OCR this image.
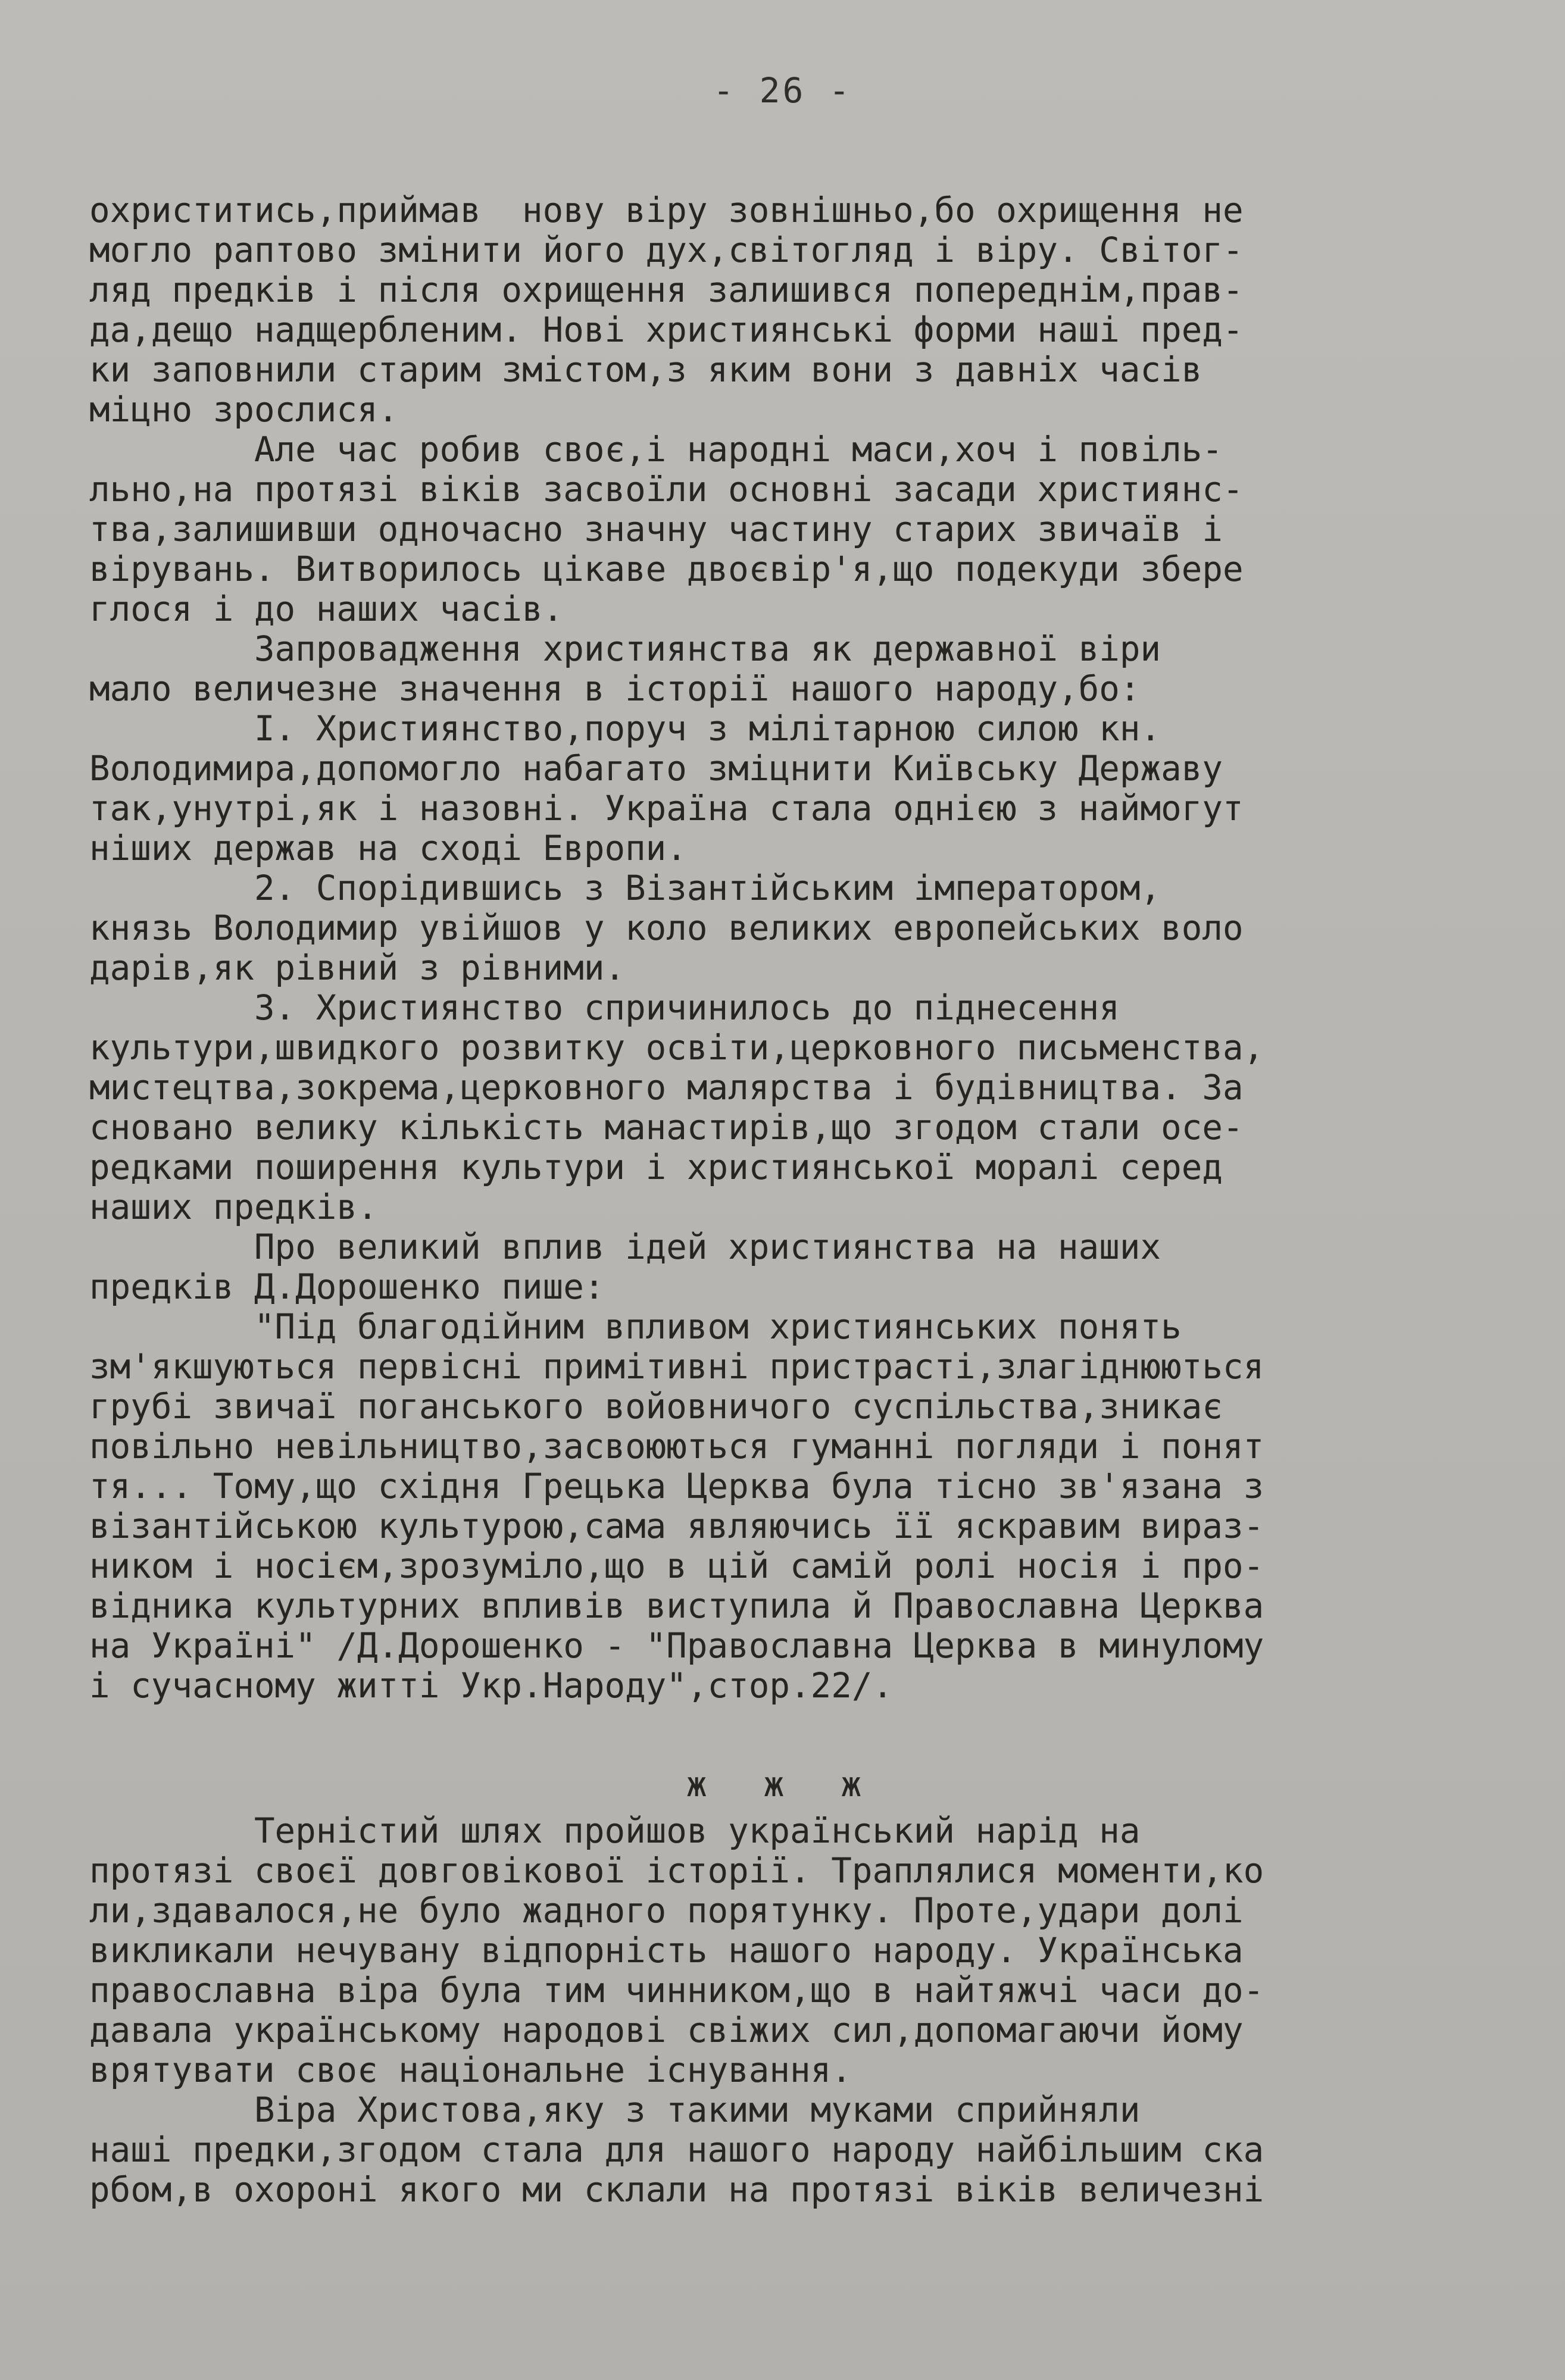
- 26 -
охриститись,приймав  нову віру зовнішньо,бо охрищення не
могло раптово змінити його дух,світогляд і віру. Світог-
ляд предків і після охрищення залишився попереднім,прав-
да,дещо надщербленим. Нові християнські форми наші пред-
ки заповнили старим змістом,з яким вони з давніх часів
міцно зрослися.
Але час робив своє,і народні маси,хоч і повіль-
льно,на протязі віків засвоїли основні засади християнс-
тва,залишивши одночасно значну частину старих звичаїв і
вірувань. Витворилось цікаве двоєвір'я,що подекуди збере
глося і до наших часів.
Запровадження християнства як державної віри
мало величезне значення в історії нашого народу,бо:
І. Християнство,поруч з мілітарною силою кн.
Володимира,допомогло набагато зміцнити Київську Державу
так,унутрі,як і назовні. Україна стала однією з наймогут
ніших держав на сході Европи.
2. Спорідившись з Візантійським імператором,
князь Володимир увійшов у коло великих европейських воло
дарів,як рівний з рівними.
3. Християнство спричинилось до піднесення
культури,швидкого розвитку освіти,церковного письменства,
мистецтва,зокрема,церковного малярства і будівництва. За
сновано велику кількість манастирів,що згодом стали осе-
редками поширення культури і християнської моралі серед
наших предків.
Про великий вплив ідей християнства на наших
предків Д.Дорошенко пише:
"Під благодійним впливом християнських понять
зм'якшуються первісні примітивні пристрасті,злагіднюються
грубі звичаї поганського войовничого суспільства,зникає
повільно невільництво,засвоюються гуманні погляди і понят
тя... Тому,що східня Грецька Церква була тісно зв'язана з
візантійською культурою,сама являючись її яскравим вираз-
ником і носієм,зрозуміло,що в цій самій ролі носія і про-
відника культурних впливів виступила й Православна Церква
на Україні" /Д.Дорошенко - "Православна Церква в минулому
і сучасному житті Укр.Народу",стор.22/.
ж ж ж
Терністий шлях пройшов український нарід на
протязі своєї довговікової історії. Траплялися моменти,ко
ли,здавалося,не було жадного порятунку. Проте,удари долі
викликали нечувану відпорність нашого народу. Українська
православна віра була тим чинником,що в найтяжчі часи до-
давала українському народові свіжих сил,допомагаючи йому
врятувати своє національне існування.
Віра Христова,яку з такими муками сприйняли
наші предки,згодом стала для нашого народу найбільшим ска
рбом,в охороні якого ми склали на протязі віків величезні
